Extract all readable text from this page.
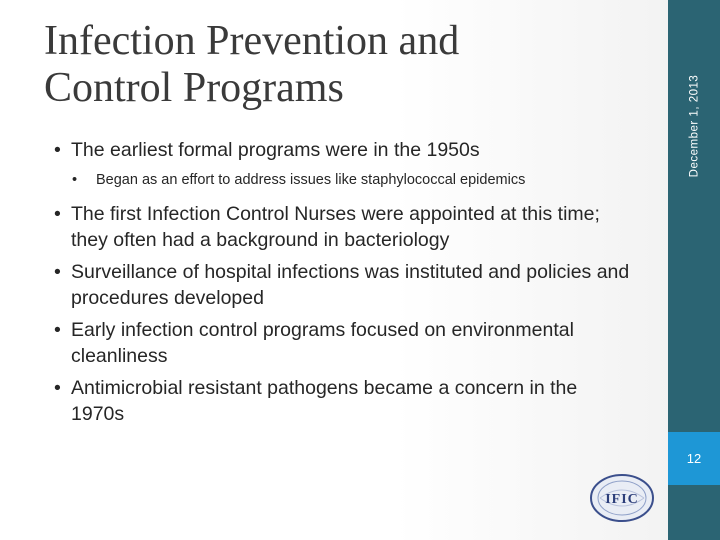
Infection Prevention and
Control Programs
• The earliest formal programs were in the 1950s
• Began as an effort to address issues like staphylococcal epidemics
• The first Infection Control Nurses were appointed at this time; they often had a background in bacteriology
• Surveillance of hospital infections was instituted and policies and procedures developed
• Early infection control programs focused on environmental cleanliness
• Antimicrobial resistant pathogens became a concern in the 1970s
December 1, 2013
12
IFIC
